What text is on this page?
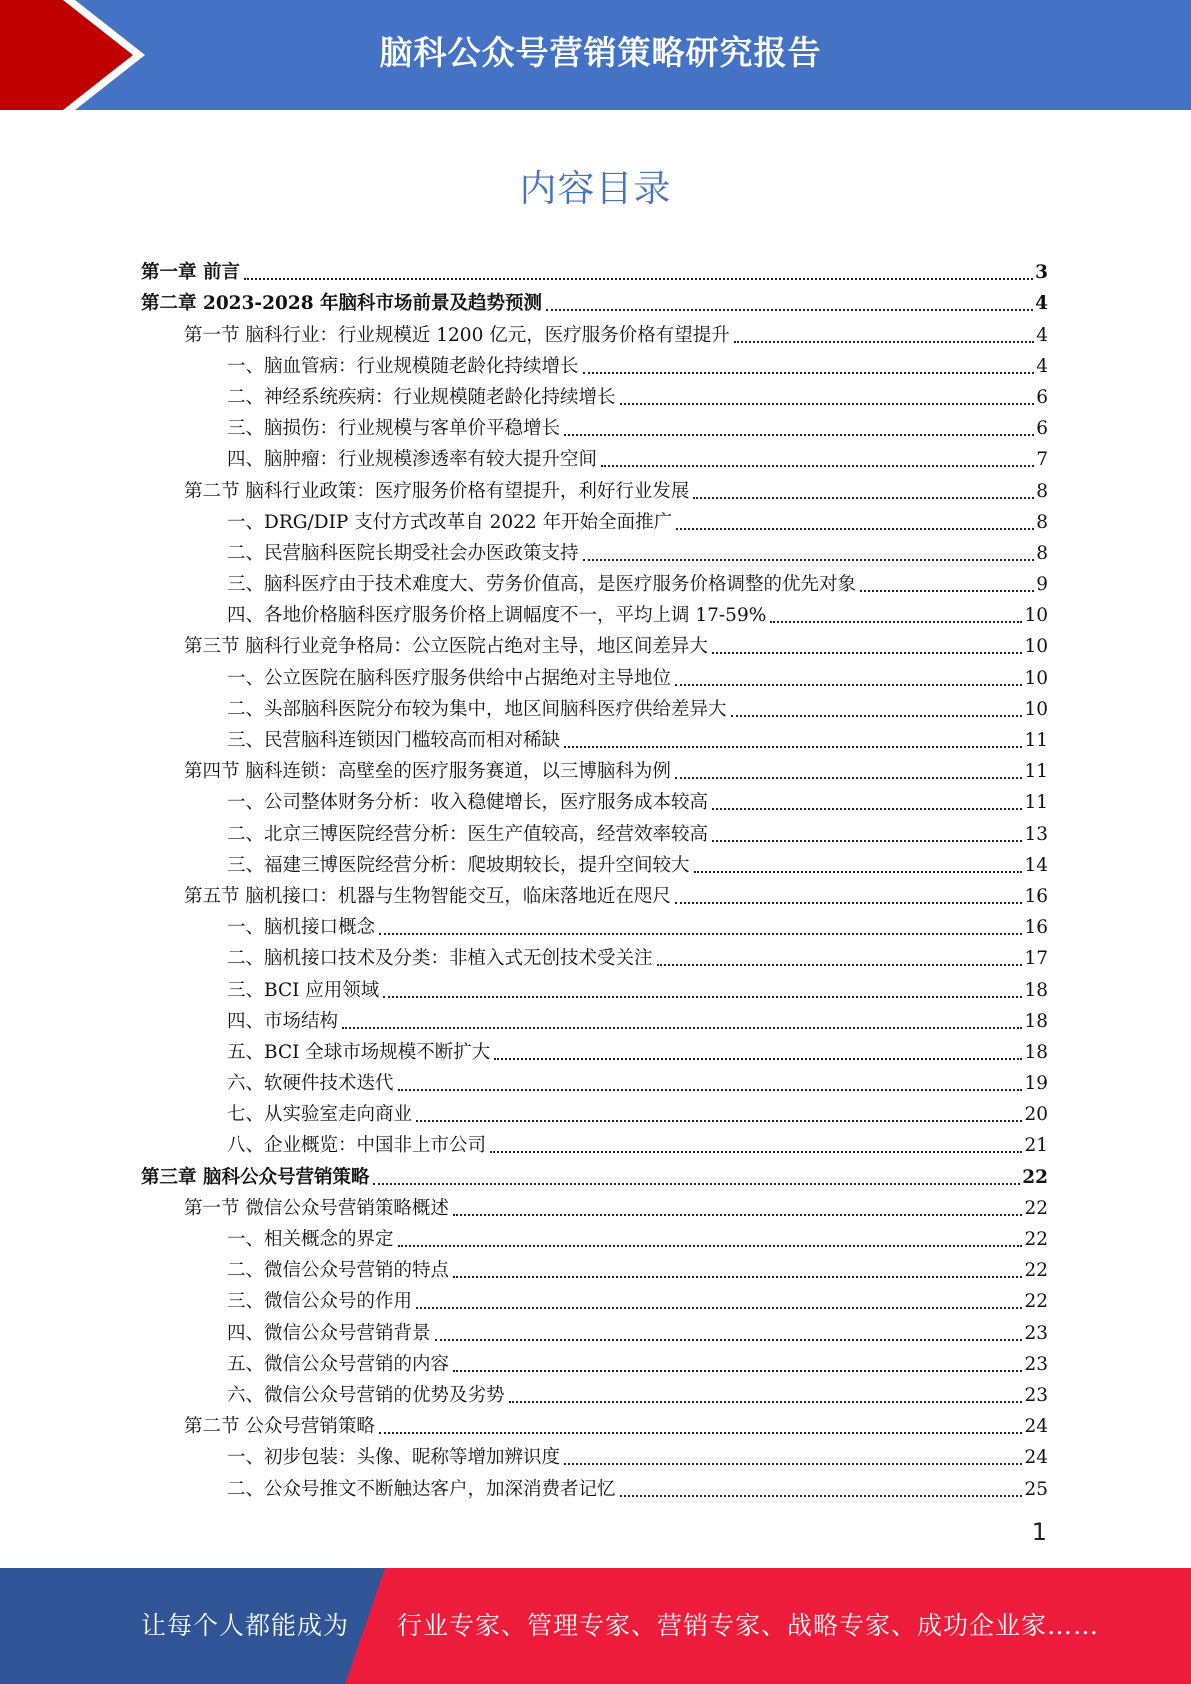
脑科公众号营销策略研究报告
内容目录
第一章 前言	3
第二章 2023-2028 年脑科市场前景及趋势预测	4
第一节 脑科行业：行业规模近 1200 亿元，医疗服务价格有望提升	4
一、脑血管病：行业规模随老龄化持续增长	4
二、神经系统疾病：行业规模随老龄化持续增长	6
三、脑损伤：行业规模与客单价平稳增长	6
四、脑肿瘤：行业规模渗透率有较大提升空间	7
第二节 脑科行业政策：医疗服务价格有望提升，利好行业发展	8
一、DRG/DIP 支付方式改革自 2022 年开始全面推广	8
二、民营脑科医院长期受社会办医政策支持	8
三、脑科医疗由于技术难度大、劳务价值高，是医疗服务价格调整的优先对象	9
四、各地价格脑科医疗服务价格上调幅度不一，平均上调 17-59%	10
第三节 脑科行业竞争格局：公立医院占绝对主导，地区间差异大	10
一、公立医院在脑科医疗服务供给中占据绝对主导地位	10
二、头部脑科医院分布较为集中，地区间脑科医疗供给差异大	10
三、民营脑科连锁因门槛较高而相对稀缺	11
第四节 脑科连锁：高壁垒的医疗服务赛道，以三博脑科为例	11
一、公司整体财务分析：收入稳健增长，医疗服务成本较高	11
二、北京三博医院经营分析：医生产值较高，经营效率较高	13
三、福建三博医院经营分析：爬坡期较长，提升空间较大	14
第五节 脑机接口：机器与生物智能交互，临床落地近在咫尺	16
一、脑机接口概念	16
二、脑机接口技术及分类：非植入式无创技术受关注	17
三、BCI 应用领域	18
四、市场结构	18
五、BCI 全球市场规模不断扩大	18
六、软硬件技术迭代	19
七、从实验室走向商业	20
八、企业概览：中国非上市公司	21
第三章 脑科公众号营销策略	22
第一节 微信公众号营销策略概述	22
一、相关概念的界定	22
二、微信公众号营销的特点	22
三、微信公众号的作用	22
四、微信公众号营销背景	23
五、微信公众号营销的内容	23
六、微信公众号营销的优势及劣势	23
第二节 公众号营销策略	24
一、初步包装：头像、昵称等增加辨识度	24
二、公众号推文不断触达客户，加深消费者记忆	25
1
让每个人都能成为 行业专家、管理专家、营销专家、战略专家、成功企业家……
